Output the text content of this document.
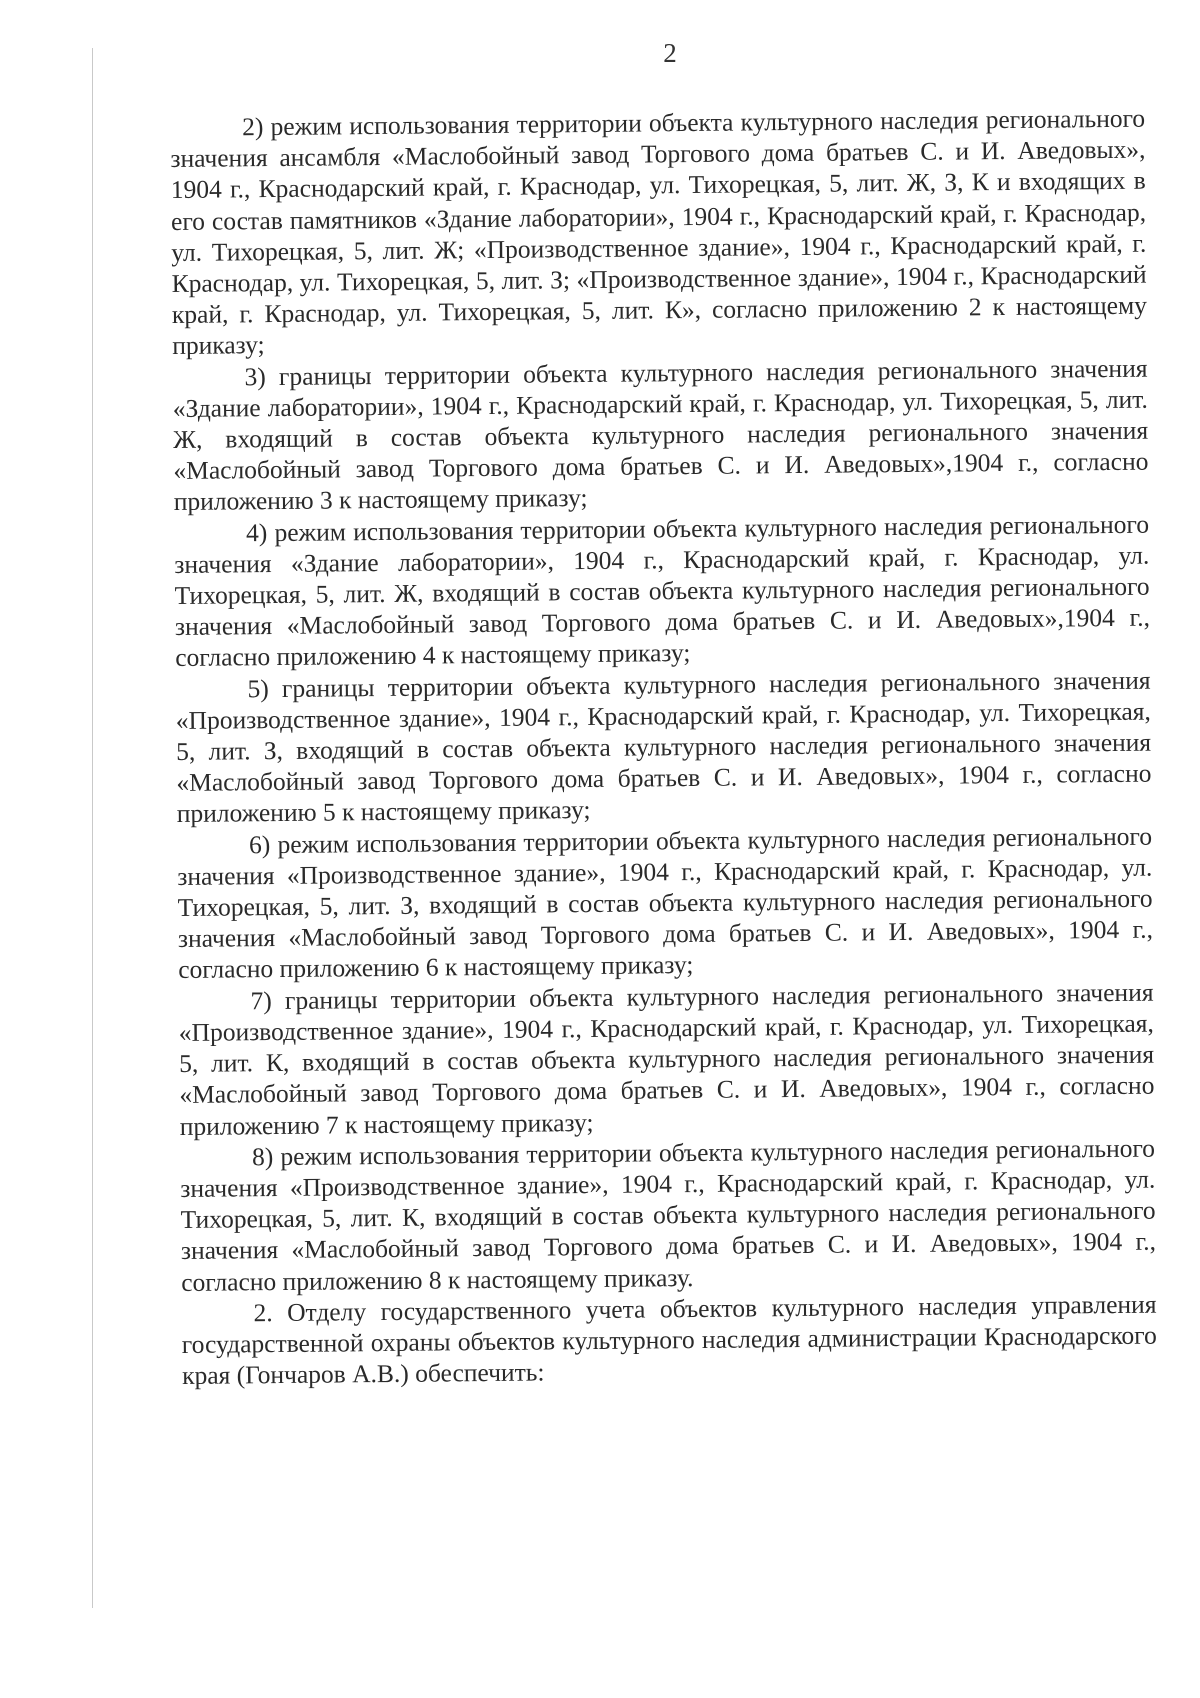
2

2) режим использования территории объекта культурного наследия регионального значения ансамбля «Маслобойный завод Торгового дома братьев С. и И. Аведовых», 1904 г., Краснодарский край, г. Краснодар, ул. Тихорецкая, 5, лит. Ж, З, К и входящих в его состав памятников «Здание лаборатории», 1904 г., Краснодарский край, г. Краснодар, ул. Тихорецкая, 5, лит. Ж; «Производственное здание», 1904 г., Краснодарский край, г. Краснодар, ул. Тихорецкая, 5, лит. З; «Производственное здание», 1904 г., Краснодарский край, г. Краснодар, ул. Тихорецкая, 5, лит. К», согласно приложению 2 к настоящему приказу;

3) границы территории объекта культурного наследия регионального значения «Здание лаборатории», 1904 г., Краснодарский край, г. Краснодар, ул. Тихорецкая, 5, лит. Ж, входящий в состав объекта культурного наследия регионального значения «Маслобойный завод Торгового дома братьев С. и И. Аведовых»,1904 г., согласно приложению 3 к настоящему приказу;

4) режим использования территории объекта культурного наследия регионального значения «Здание лаборатории», 1904 г., Краснодарский край, г. Краснодар, ул. Тихорецкая, 5, лит. Ж, входящий в состав объекта культурного наследия регионального значения «Маслобойный завод Торгового дома братьев С. и И. Аведовых»,1904 г., согласно приложению 4 к настоящему приказу;

5) границы территории объекта культурного наследия регионального значения «Производственное здание», 1904 г., Краснодарский край, г. Краснодар, ул. Тихорецкая, 5, лит. З, входящий в состав объекта культурного наследия регионального значения «Маслобойный завод Торгового дома братьев С. и И. Аведовых», 1904 г., согласно приложению 5 к настоящему приказу;

6) режим использования территории объекта культурного наследия регионального значения «Производственное здание», 1904 г., Краснодарский край, г. Краснодар, ул. Тихорецкая, 5, лит. З, входящий в состав объекта культурного наследия регионального значения «Маслобойный завод Торгового дома братьев С. и И. Аведовых», 1904 г., согласно приложению 6 к настоящему приказу;

7) границы территории объекта культурного наследия регионального значения «Производственное здание», 1904 г., Краснодарский край, г. Краснодар, ул. Тихорецкая, 5, лит. К, входящий в состав объекта культурного наследия регионального значения «Маслобойный завод Торгового дома братьев С. и И. Аведовых», 1904 г., согласно приложению 7 к настоящему приказу;

8) режим использования территории объекта культурного наследия регионального значения «Производственное здание», 1904 г., Краснодарский край, г. Краснодар, ул. Тихорецкая, 5, лит. К, входящий в состав объекта культурного наследия регионального значения «Маслобойный завод Торгового дома братьев С. и И. Аведовых», 1904 г., согласно приложению 8 к настоящему приказу.

2. Отделу государственного учета объектов культурного наследия управления государственной охраны объектов культурного наследия администрации Краснодарского края (Гончаров А.В.) обеспечить:
